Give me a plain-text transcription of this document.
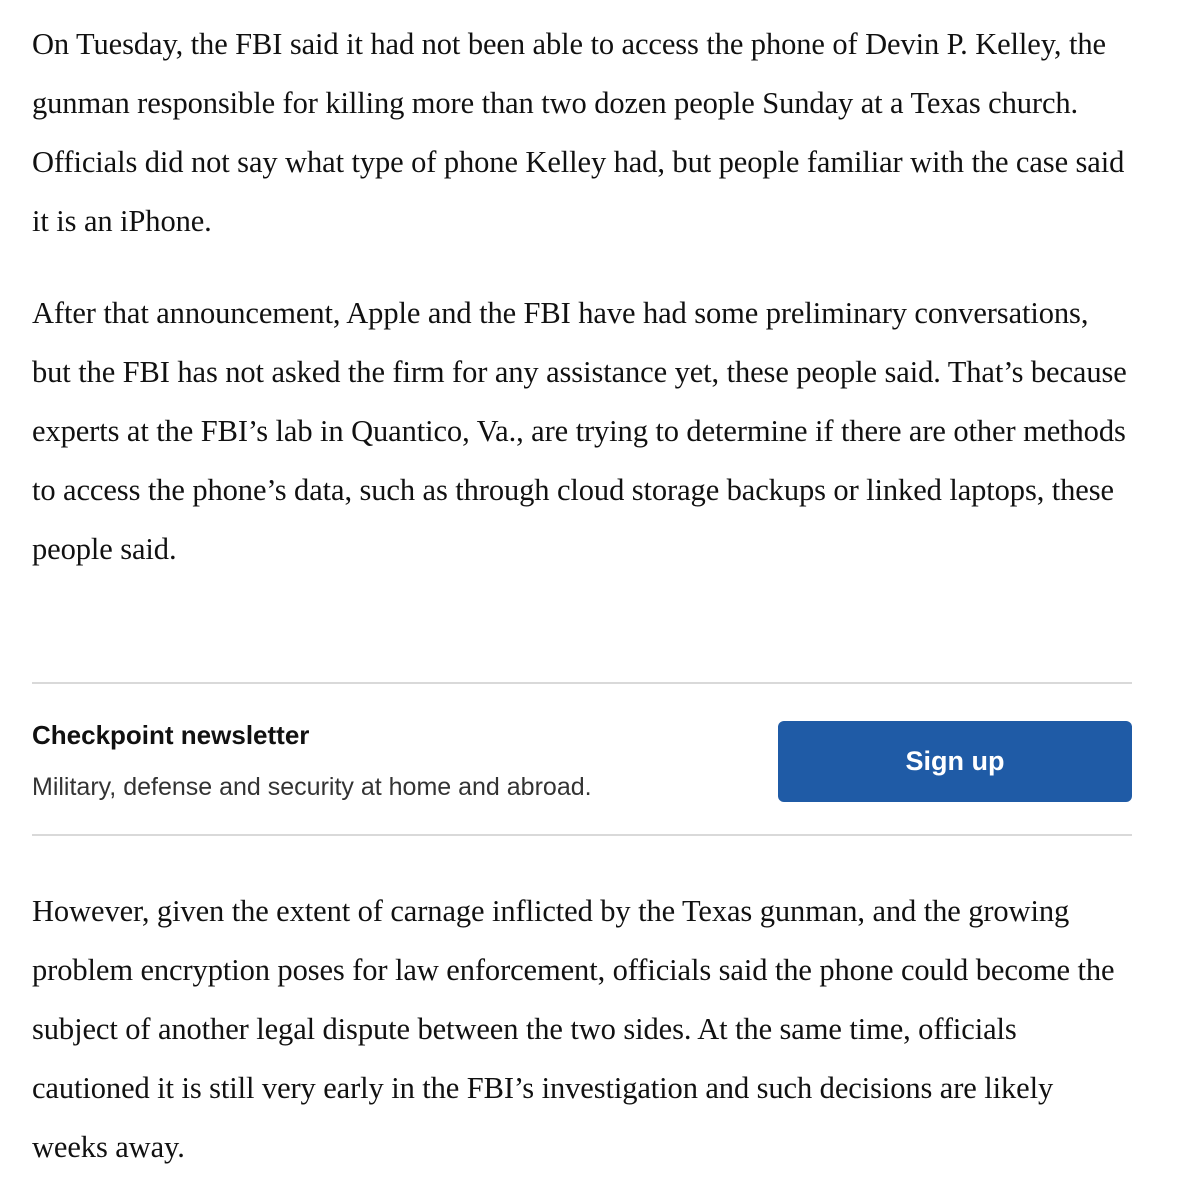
On Tuesday, the FBI said it had not been able to access the phone of Devin P. Kelley, the gunman responsible for killing more than two dozen people Sunday at a Texas church. Officials did not say what type of phone Kelley had, but people familiar with the case said it is an iPhone.

After that announcement, Apple and the FBI have had some preliminary conversations, but the FBI has not asked the firm for any assistance yet, these people said. That’s because experts at the FBI’s lab in Quantico, Va., are trying to determine if there are other methods to access the phone’s data, such as through cloud storage backups or linked laptops, these people said.

However, given the extent of carnage inflicted by the Texas gunman, and the growing problem encryption poses for law enforcement, officials said the phone could become the subject of another legal dispute between the two sides. At the same time, officials cautioned it is still very early in the FBI’s investigation and such decisions are likely weeks away.

Checkpoint newsletter

Military, defense and security at home and abroad.

Sign up
